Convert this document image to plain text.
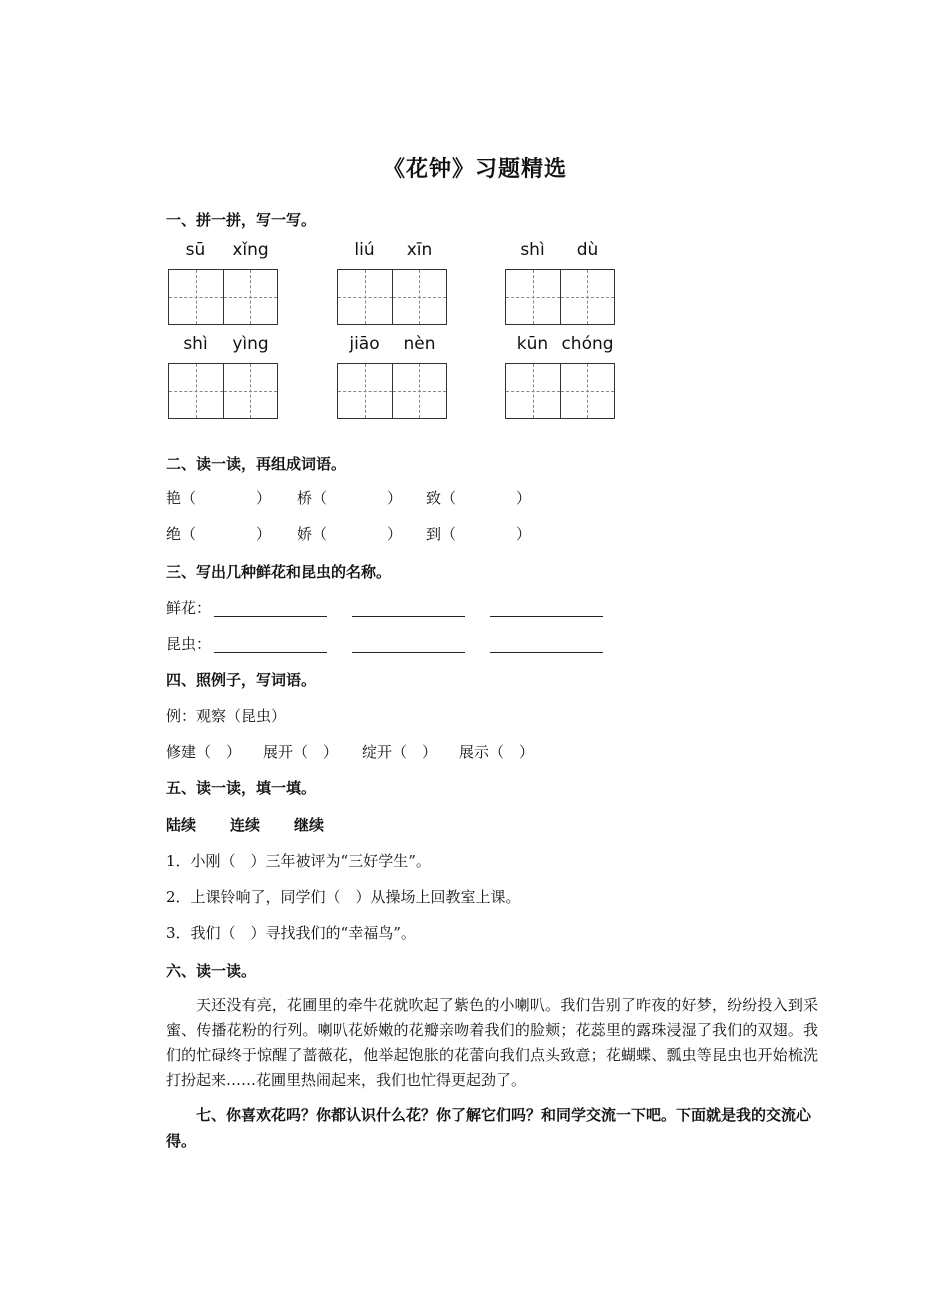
《花钟》习题精选
一、拼一拼，写一写。
sū	xǐng	liú	xīn	shì	dù
shì	yìng	jiāo	nèn	kūn chóng
二、读一读，再组成词语。
艳（　　　　） 桥（　　　　） 致（　　　　）
绝（　　　　） 娇（　　　　） 到（　　　　）
三、写出几种鲜花和昆虫的名称。
鲜花：
昆虫：
四、照例子，写词语。
例：观察（昆虫）
修建（　） 展开（　） 绽开（　） 展示（　）
五、读一读，填一填。
陆续 连续 继续
1．小刚（　）三年被评为“三好学生”。
2．上课铃响了，同学们（　）从操场上回教室上课。
3．我们（　）寻找我们的“幸福鸟”。
六、读一读。
天还没有亮，花圃里的牵牛花就吹起了紫色的小喇叭。我们告别了昨夜的好梦，纷纷投入到采蜜、传播花粉的行列。喇叭花娇嫩的花瓣亲吻着我们的脸颊；花蕊里的露珠浸湿了我们的双翅。我们的忙碌终于惊醒了蔷薇花，他举起饱胀的花蕾向我们点头致意；花蝴蝶、瓢虫等昆虫也开始梳洗打扮起来……花圃里热闹起来，我们也忙得更起劲了。
七、你喜欢花吗？你都认识什么花？你了解它们吗？和同学交流一下吧。下面就是我的交流心得。
